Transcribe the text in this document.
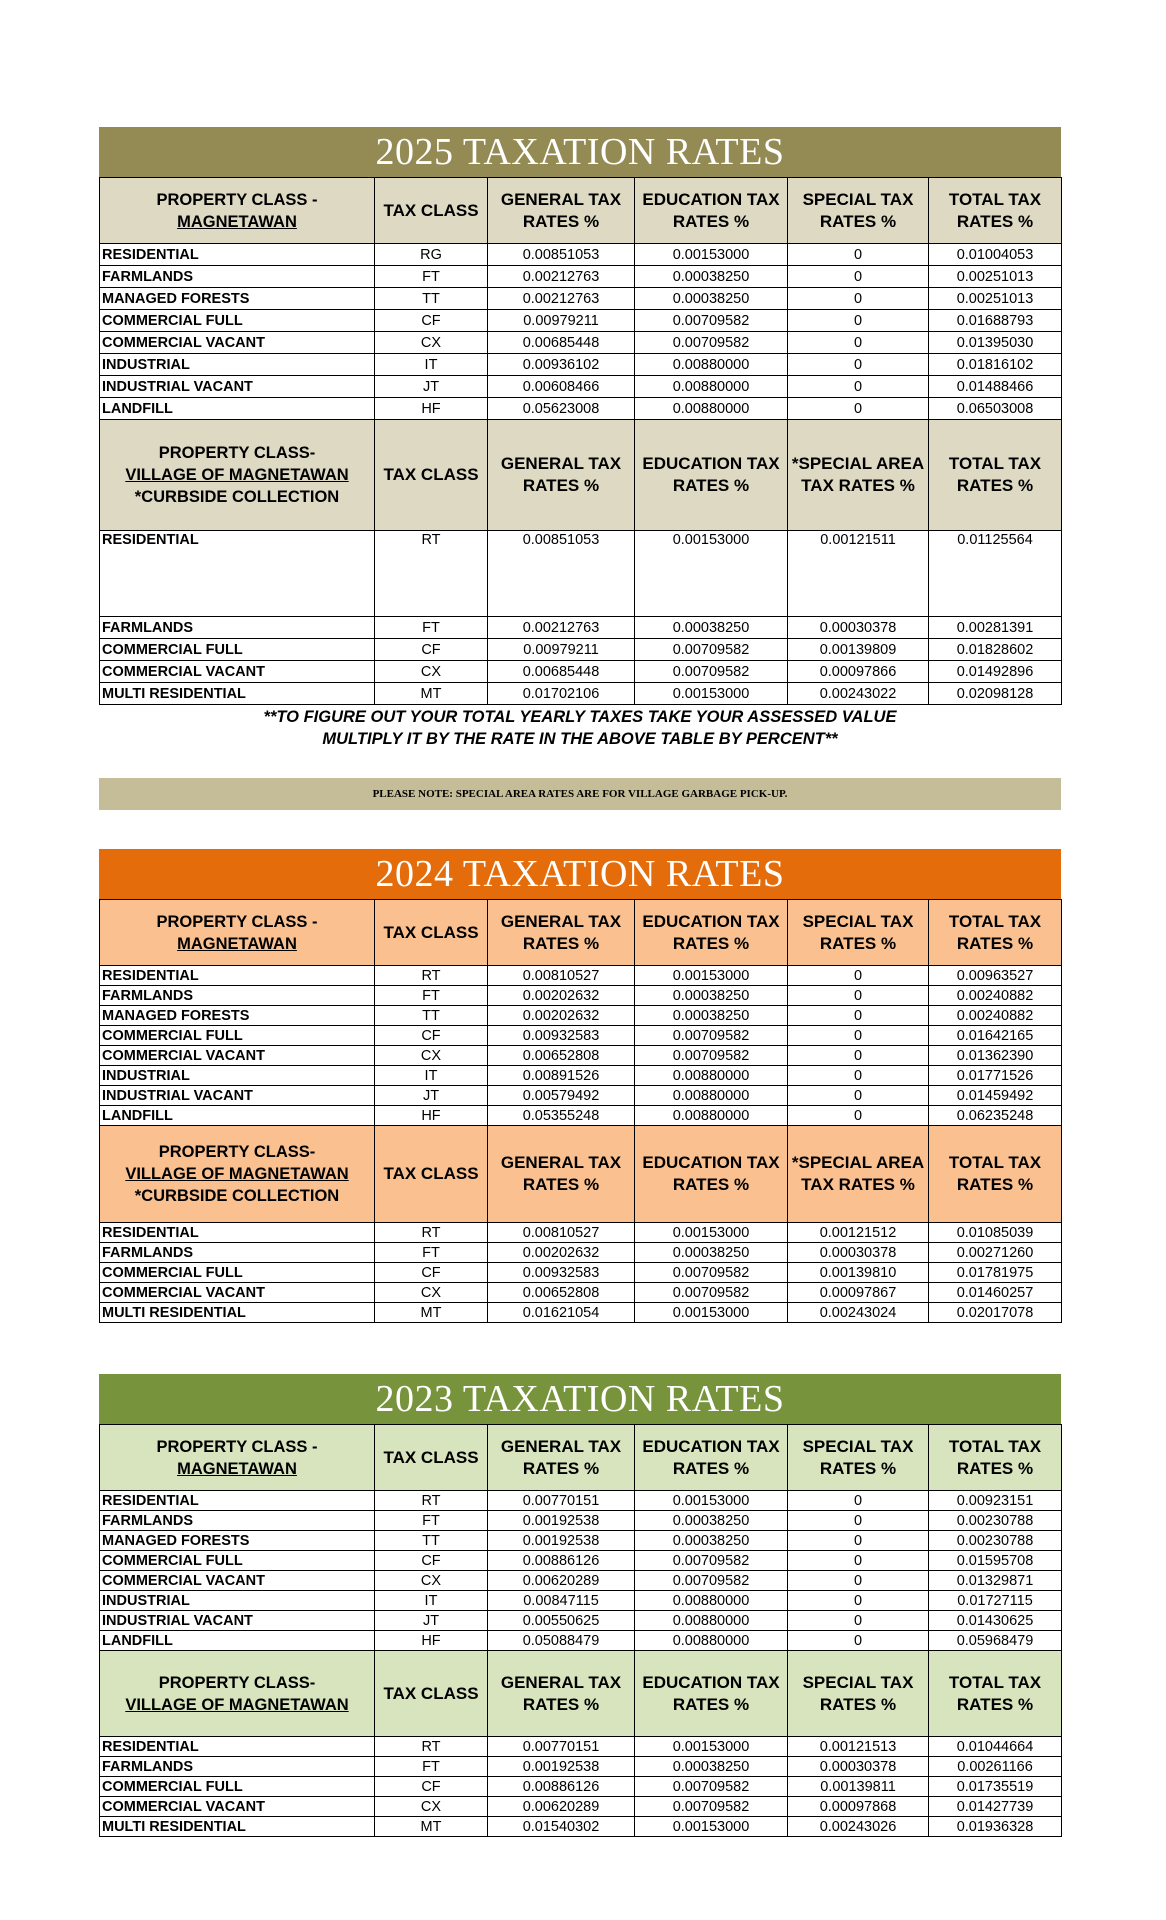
2025 TAXATION RATES
PROPERTY CLASS -
MAGNETAWAN	TAX CLASS	GENERAL TAX RATES %	EDUCATION TAX RATES %	SPECIAL TAX RATES %	TOTAL TAX RATES %
RESIDENTIAL	RG	0.00851053	0.00153000	0	0.01004053
FARMLANDS	FT	0.00212763	0.00038250	0	0.00251013
MANAGED FORESTS	TT	0.00212763	0.00038250	0	0.00251013
COMMERCIAL FULL	CF	0.00979211	0.00709582	0	0.01688793
COMMERCIAL VACANT	CX	0.00685448	0.00709582	0	0.01395030
INDUSTRIAL	IT	0.00936102	0.00880000	0	0.01816102
INDUSTRIAL VACANT	JT	0.00608466	0.00880000	0	0.01488466
LANDFILL	HF	0.05623008	0.00880000	0	0.06503008
PROPERTY CLASS-
VILLAGE OF MAGNETAWAN
*CURBSIDE COLLECTION	TAX CLASS	GENERAL TAX RATES %	EDUCATION TAX RATES %	*SPECIAL AREA TAX RATES %	TOTAL TAX RATES %
RESIDENTIAL	RT	0.00851053	0.00153000	0.00121511	0.01125564
FARMLANDS	FT	0.00212763	0.00038250	0.00030378	0.00281391
COMMERCIAL FULL	CF	0.00979211	0.00709582	0.00139809	0.01828602
COMMERCIAL VACANT	CX	0.00685448	0.00709582	0.00097866	0.01492896
MULTI RESIDENTIAL	MT	0.01702106	0.00153000	0.00243022	0.02098128
**TO FIGURE OUT YOUR TOTAL YEARLY TAXES TAKE YOUR ASSESSED VALUE
MULTIPLY IT BY THE RATE IN THE ABOVE TABLE BY PERCENT**
PLEASE NOTE: SPECIAL AREA RATES ARE FOR VILLAGE GARBAGE PICK-UP.
2024 TAXATION RATES
PROPERTY CLASS -
MAGNETAWAN	TAX CLASS	GENERAL TAX RATES %	EDUCATION TAX RATES %	SPECIAL TAX RATES %	TOTAL TAX RATES %
RESIDENTIAL	RT	0.00810527	0.00153000	0	0.00963527
FARMLANDS	FT	0.00202632	0.00038250	0	0.00240882
MANAGED FORESTS	TT	0.00202632	0.00038250	0	0.00240882
COMMERCIAL FULL	CF	0.00932583	0.00709582	0	0.01642165
COMMERCIAL VACANT	CX	0.00652808	0.00709582	0	0.01362390
INDUSTRIAL	IT	0.00891526	0.00880000	0	0.01771526
INDUSTRIAL VACANT	JT	0.00579492	0.00880000	0	0.01459492
LANDFILL	HF	0.05355248	0.00880000	0	0.06235248
PROPERTY CLASS-
VILLAGE OF MAGNETAWAN
*CURBSIDE COLLECTION	TAX CLASS	GENERAL TAX RATES %	EDUCATION TAX RATES %	*SPECIAL AREA TAX RATES %	TOTAL TAX RATES %
RESIDENTIAL	RT	0.00810527	0.00153000	0.00121512	0.01085039
FARMLANDS	FT	0.00202632	0.00038250	0.00030378	0.00271260
COMMERCIAL FULL	CF	0.00932583	0.00709582	0.00139810	0.01781975
COMMERCIAL VACANT	CX	0.00652808	0.00709582	0.00097867	0.01460257
MULTI RESIDENTIAL	MT	0.01621054	0.00153000	0.00243024	0.02017078
2023 TAXATION RATES
PROPERTY CLASS -
MAGNETAWAN	TAX CLASS	GENERAL TAX RATES %	EDUCATION TAX RATES %	SPECIAL TAX RATES %	TOTAL TAX RATES %
RESIDENTIAL	RT	0.00770151	0.00153000	0	0.00923151
FARMLANDS	FT	0.00192538	0.00038250	0	0.00230788
MANAGED FORESTS	TT	0.00192538	0.00038250	0	0.00230788
COMMERCIAL FULL	CF	0.00886126	0.00709582	0	0.01595708
COMMERCIAL VACANT	CX	0.00620289	0.00709582	0	0.01329871
INDUSTRIAL	IT	0.00847115	0.00880000	0	0.01727115
INDUSTRIAL VACANT	JT	0.00550625	0.00880000	0	0.01430625
LANDFILL	HF	0.05088479	0.00880000	0	0.05968479
PROPERTY CLASS-
VILLAGE OF MAGNETAWAN	TAX CLASS	GENERAL TAX RATES %	EDUCATION TAX RATES %	SPECIAL TAX RATES %	TOTAL TAX RATES %
RESIDENTIAL	RT	0.00770151	0.00153000	0.00121513	0.01044664
FARMLANDS	FT	0.00192538	0.00038250	0.00030378	0.00261166
COMMERCIAL FULL	CF	0.00886126	0.00709582	0.00139811	0.01735519
COMMERCIAL VACANT	CX	0.00620289	0.00709582	0.00097868	0.01427739
MULTI RESIDENTIAL	MT	0.01540302	0.00153000	0.00243026	0.01936328
